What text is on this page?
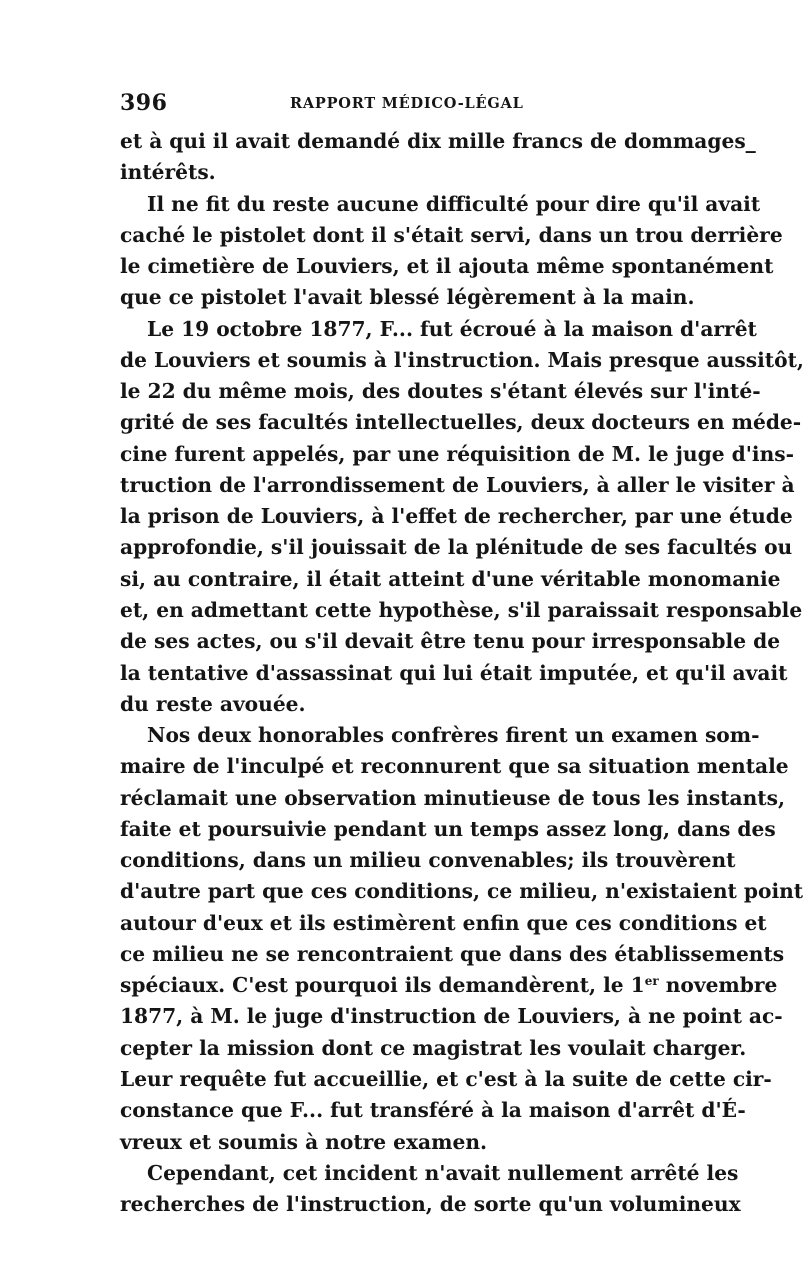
396	RAPPORT MÉDICO-LÉGAL
et à qui il avait demandé dix mille francs de dommages_
intérêts.
Il ne fit du reste aucune difficulté pour dire qu'il avait
caché le pistolet dont il s'était servi, dans un trou derrière
le cimetière de Louviers, et il ajouta même spontanément
que ce pistolet l'avait blessé légèrement à la main.
Le 19 octobre 1877, F... fut écroué à la maison d'arrêt
de Louviers et soumis à l'instruction. Mais presque aussitôt,
le 22 du même mois, des doutes s'étant élevés sur l'inté-
grité de ses facultés intellectuelles, deux docteurs en méde-
cine furent appelés, par une réquisition de M. le juge d'ins-
truction de l'arrondissement de Louviers, à aller le visiter à
la prison de Louviers, à l'effet de rechercher, par une étude
approfondie, s'il jouissait de la plénitude de ses facultés ou
si, au contraire, il était atteint d'une véritable monomanie
et, en admettant cette hypothèse, s'il paraissait responsable
de ses actes, ou s'il devait être tenu pour irresponsable de
la tentative d'assassinat qui lui était imputée, et qu'il avait
du reste avouée.
Nos deux honorables confrères firent un examen som-
maire de l'inculpé et reconnurent que sa situation mentale
réclamait une observation minutieuse de tous les instants,
faite et poursuivie pendant un temps assez long, dans des
conditions, dans un milieu convenables; ils trouvèrent
d'autre part que ces conditions, ce milieu, n'existaient point
autour d'eux et ils estimèrent enfin que ces conditions et
ce milieu ne se rencontraient que dans des établissements
spéciaux. C'est pourquoi ils demandèrent, le 1er novembre
1877, à M. le juge d'instruction de Louviers, à ne point ac-
cepter la mission dont ce magistrat les voulait charger.
Leur requête fut accueillie, et c'est à la suite de cette cir-
constance que F... fut transféré à la maison d'arrêt d'É-
vreux et soumis à notre examen.
Cependant, cet incident n'avait nullement arrêté les
recherches de l'instruction, de sorte qu'un volumineux
